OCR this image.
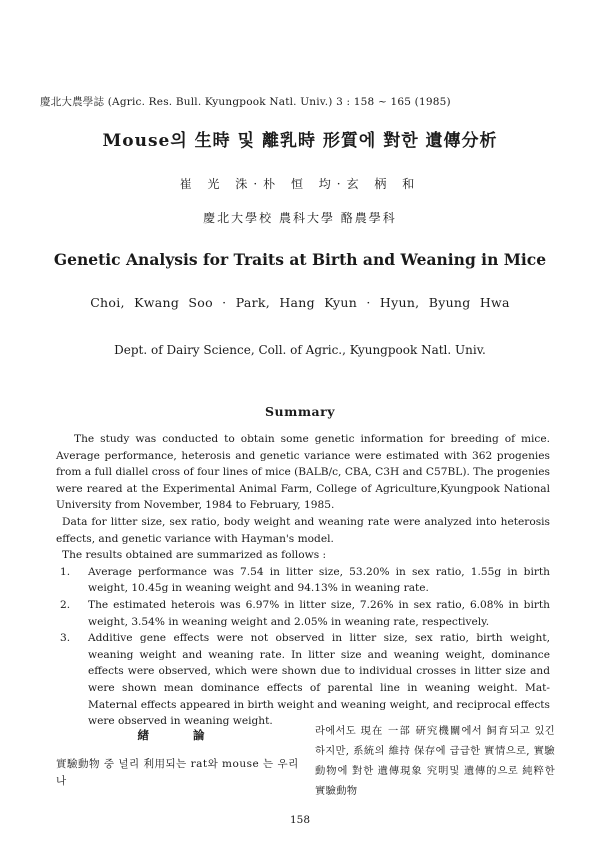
慶北大農學誌 (Agric. Res. Bull. Kyungpook Natl. Univ.) 3 : 158 ~ 165 (1985)
Mouse의 生時 및 離乳時 形質에 對한 遺傳分析
崔 光 洙·朴 恒 均·玄 柄 和
慶北大學校 農科大學 酪農學科
Genetic Analysis for Traits at Birth and Weaning in Mice
Choi, Kwang Soo · Park, Hang Kyun · Hyun, Byung Hwa
Dept. of Dairy Science, Coll. of Agric., Kyungpook Natl. Univ.
Summary

The study was conducted to obtain some genetic information for breeding of mice. Average performance, heterosis and genetic variance were estimated with 362 progenies from a full diallel cross of four lines of mice (BALB/c, CBA, C3H and C57BL). The progenies were reared at the Experimental Animal Farm, College of Agriculture,Kyungpook National University from November, 1984 to February, 1985.

Data for litter size, sex ratio, body weight and weaning rate were analyzed into heterosis effects, and genetic variance with Hayman's model.

The results obtained are summarized as follows :

1. Average performance was 7.54 in litter size, 53.20% in sex ratio, 1.55g in birth weight, 10.45g in weaning weight and 94.13% in weaning rate.
2. The estimated heterois was 6.97% in litter size, 7.26% in sex ratio, 6.08% in birth weight, 3.54% in weaning weight and 2.05% in weaning rate, respectively.
3. Additive gene effects were not observed in litter size, sex ratio, birth weight, weaning weight and weaning rate. In litter size and weaning weight, dominance effects were observed, which were shown due to individual crosses in litter size and were shown mean dominance effects of parental line in weaning weight. Mat-Maternal effects appeared in birth weight and weaning weight, and reciprocal effects were observed in weaning weight.
緖 論

實驗動物 중 널리 利用되는 rat와 mouse 는 우리나

라에서도 現在 一部 硏究機關에서 飼育되고 있긴 하지만, 系統의 維持 保存에 급급한 實情으로, 實驗動物에 對한 遺傳現象 究明및 遺傳的으로 純粹한 實驗動物

158
